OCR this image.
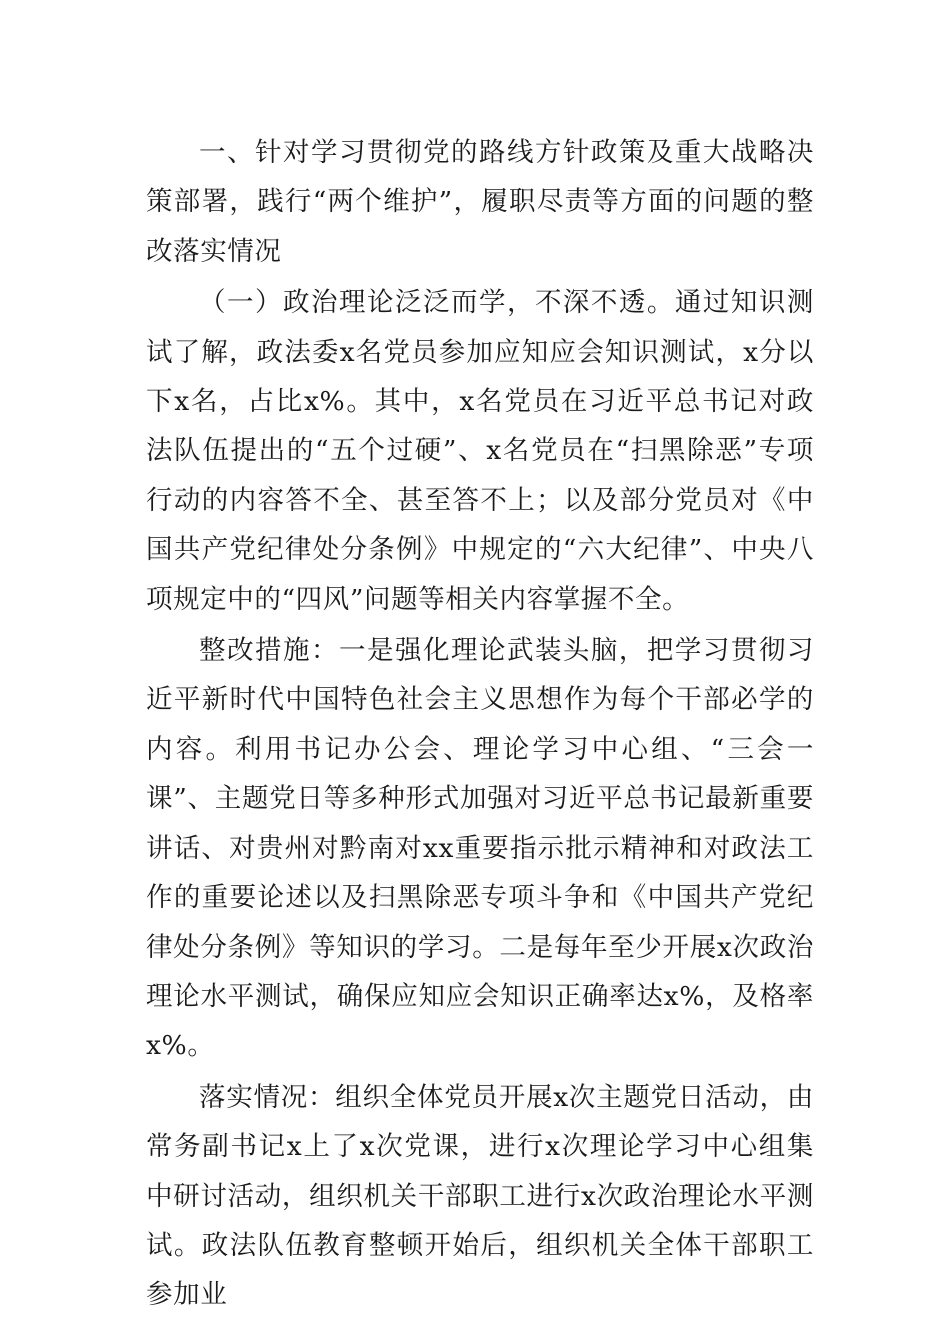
一、针对学习贯彻党的路线方针政策及重大战略决策部署，践行“两个维护”，履职尽责等方面的问题的整改落实情况

（一）政治理论泛泛而学，不深不透。通过知识测试了解，政法委x名党员参加应知应会知识测试，x分以下x名，占比x%。其中，x名党员在习近平总书记对政法队伍提出的“五个过硬”、x名党员在“扫黑除恶”专项行动的内容答不全、甚至答不上；以及部分党员对《中国共产党纪律处分条例》中规定的“六大纪律”、中央八项规定中的“四风”问题等相关内容掌握不全。

整改措施：一是强化理论武装头脑，把学习贯彻习近平新时代中国特色社会主义思想作为每个干部必学的内容。利用书记办公会、理论学习中心组、“三会一课”、主题党日等多种形式加强对习近平总书记最新重要讲话、对贵州对黔南对xx重要指示批示精神和对政法工作的重要论述以及扫黑除恶专项斗争和《中国共产党纪律处分条例》等知识的学习。二是每年至少开展x次政治理论水平测试，确保应知应会知识正确率达x%，及格率x%。

落实情况：组织全体党员开展x次主题党日活动，由常务副书记x上了x次党课，进行x次理论学习中心组集中研讨活动，组织机关干部职工进行x次政治理论水平测试。政法队伍教育整顿开始后，组织机关全体干部职工参加业
